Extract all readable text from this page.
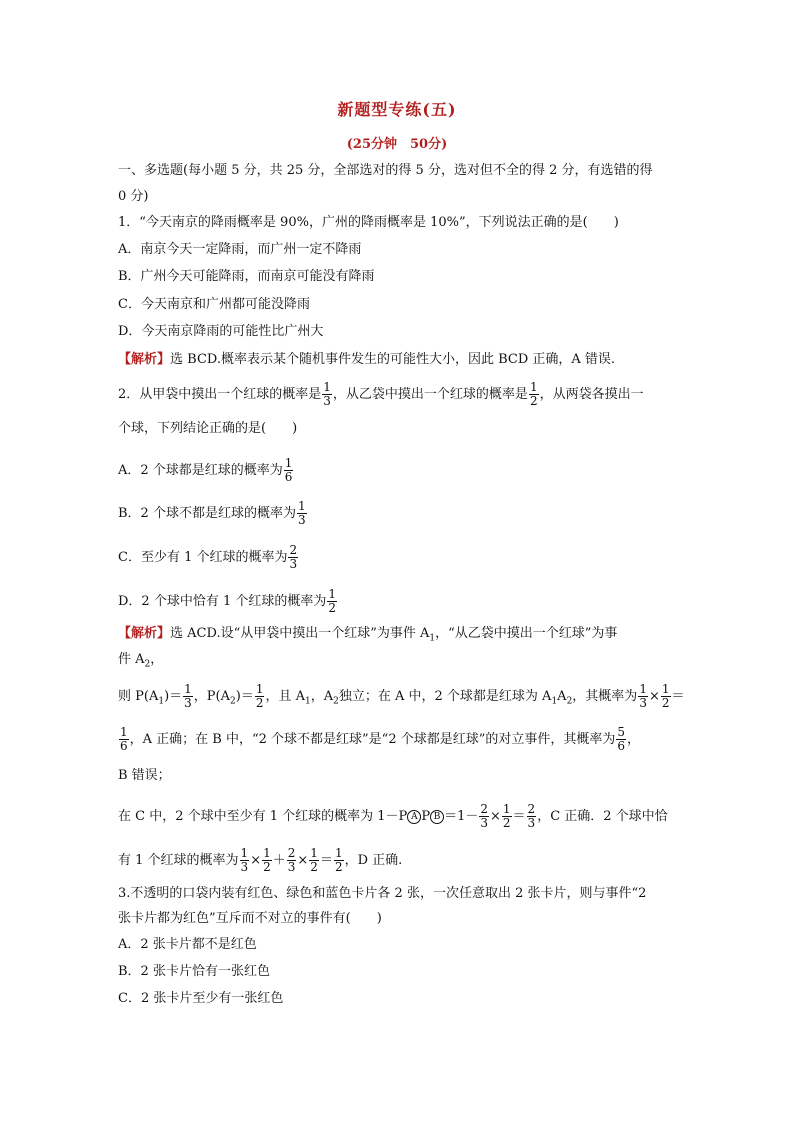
新题型专练(五)
(25分钟　50分)
一、多选题(每小题 5 分，共 25 分，全部选对的得 5 分，选对但不全的得 2 分，有选错的得
0 分)
1．“今天南京的降雨概率是 90%，广州的降雨概率是 10%”，下列说法正确的是(　　)
A．南京今天一定降雨，而广州一定不降雨
B．广州今天可能降雨，而南京可能没有降雨
C．今天南京和广州都可能没降雨
D．今天南京降雨的可能性比广州大
【解析】选 BCD.概率表示某个随机事件发生的可能性大小，因此 BCD 正确，A 错误.
2．从甲袋中摸出一个红球的概率是 $\frac{1}{3}$ ，从乙袋中摸出一个红球的概率是 $\frac{1}{2}$ ，从两袋各摸出一
个球，下列结论正确的是(　　)
A．2 个球都是红球的概率为 $\frac{1}{6}$
B．2 个球不都是红球的概率为 $\frac{1}{3}$
C．至少有 1 个红球的概率为 $\frac{2}{3}$
D．2 个球中恰有 1 个红球的概率为 $\frac{1}{2}$
【解析】选 ACD.设“从甲袋中摸出一个红球”为事件 $A_1$，“从乙袋中摸出一个红球”为事
件 $A_2$，
则 $P(A_1)= \frac{1}{3}$ ，$P(A_2)= \frac{1}{2}$ ，且 $A_1$，$A_2$独立；在 A 中，2 个球都是红球为 $A_1A_2$，其概率为 $\frac{1}{3} \times \frac{1}{2}$ ＝
$\frac{1}{6}$ ，A 正确；在 B 中，“2 个球不都是红球”是“2 个球都是红球”的对立事件，其概率为 $\frac{5}{6}$ ，
B 错误；
在 C 中，2 个球中至少有 1 个红球的概率为 1－P A P $B =1- \frac{2}{3} \times \frac{1}{2} = \frac{2}{3}$ ，C 正确．2 个球中恰
有 1 个红球的概率为 $\frac{1}{3} \times \frac{1}{2} + \frac{2}{3} \times \frac{1}{2} = \frac{1}{2}$ ，D 正确.
3.不透明的口袋内装有红色、绿色和蓝色卡片各 2 张，一次任意取出 2 张卡片，则与事件“2
张卡片都为红色”互斥而不对立的事件有(　　)
A．2 张卡片都不是红色
B．2 张卡片恰有一张红色
C．2 张卡片至少有一张红色
